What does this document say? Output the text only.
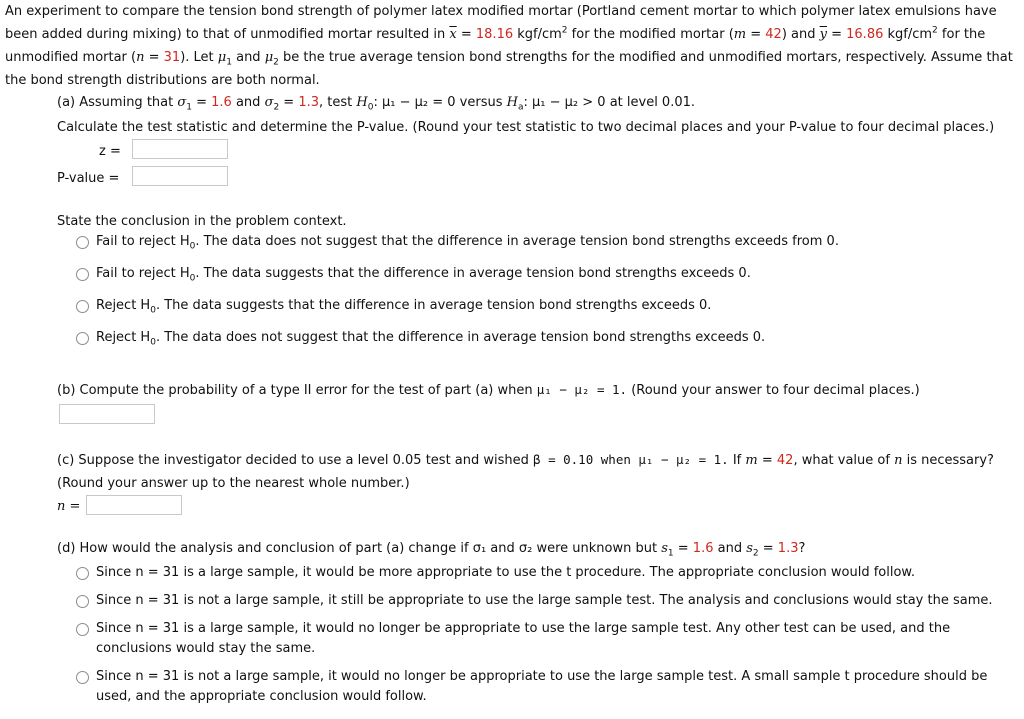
An experiment to compare the tension bond strength of polymer latex modified mortar (Portland cement mortar to which polymer latex emulsions have been added during mixing) to that of unmodified mortar resulted in $\overline{x} = 18.16$ kgf/$cm^2$ for the modified mortar (m = 42) and $\overline{y} = 16.86$ kgf/$cm^2$ for the unmodified mortar (n = 31). Let $\mu_1$ and $\mu_2$ be the true average tension bond strengths for the modified and unmodified mortars, respectively. Assume that the bond strength distributions are both normal.
(a) Assuming that $\sigma_1 = 1.6$ and $\sigma_2 = 1.3$, test $H_0$: μ₁ − μ₂ = 0 versus $H_a$: μ₁ − μ₂ > 0 at level 0.01.
Calculate the test statistic and determine the P-value. (Round your test statistic to two decimal places and your P-value to four decimal places.)
z =
P-value =
State the conclusion in the problem context.
Fail to reject $H_0$. The data does not suggest that the difference in average tension bond strengths exceeds from 0.
Fail to reject $H_0$. The data suggests that the difference in average tension bond strengths exceeds 0.
Reject $H_0$. The data suggests that the difference in average tension bond strengths exceeds 0.
Reject $H_0$. The data does not suggest that the difference in average tension bond strengths exceeds 0.
(b) Compute the probability of a type II error for the test of part (a) when μ₁ − μ₂ = 1. (Round your answer to four decimal places.)
(c) Suppose the investigator decided to use a level 0.05 test and wished β = 0.10 when μ₁ − μ₂ = 1. If m = 42, what value of n is necessary?
(Round your answer up to the nearest whole number.)
n =
(d) How would the analysis and conclusion of part (a) change if σ₁ and σ₂ were unknown but $s_1 = 1.6$ and $s_2 = 1.3$?
Since n = 31 is a large sample, it would be more appropriate to use the t procedure. The appropriate conclusion would follow.
Since n = 31 is not a large sample, it still be appropriate to use the large sample test. The analysis and conclusions would stay the same.
Since n = 31 is a large sample, it would no longer be appropriate to use the large sample test. Any other test can be used, and the conclusions would stay the same.
Since n = 31 is not a large sample, it would no longer be appropriate to use the large sample test. A small sample t procedure should be used, and the appropriate conclusion would follow.
